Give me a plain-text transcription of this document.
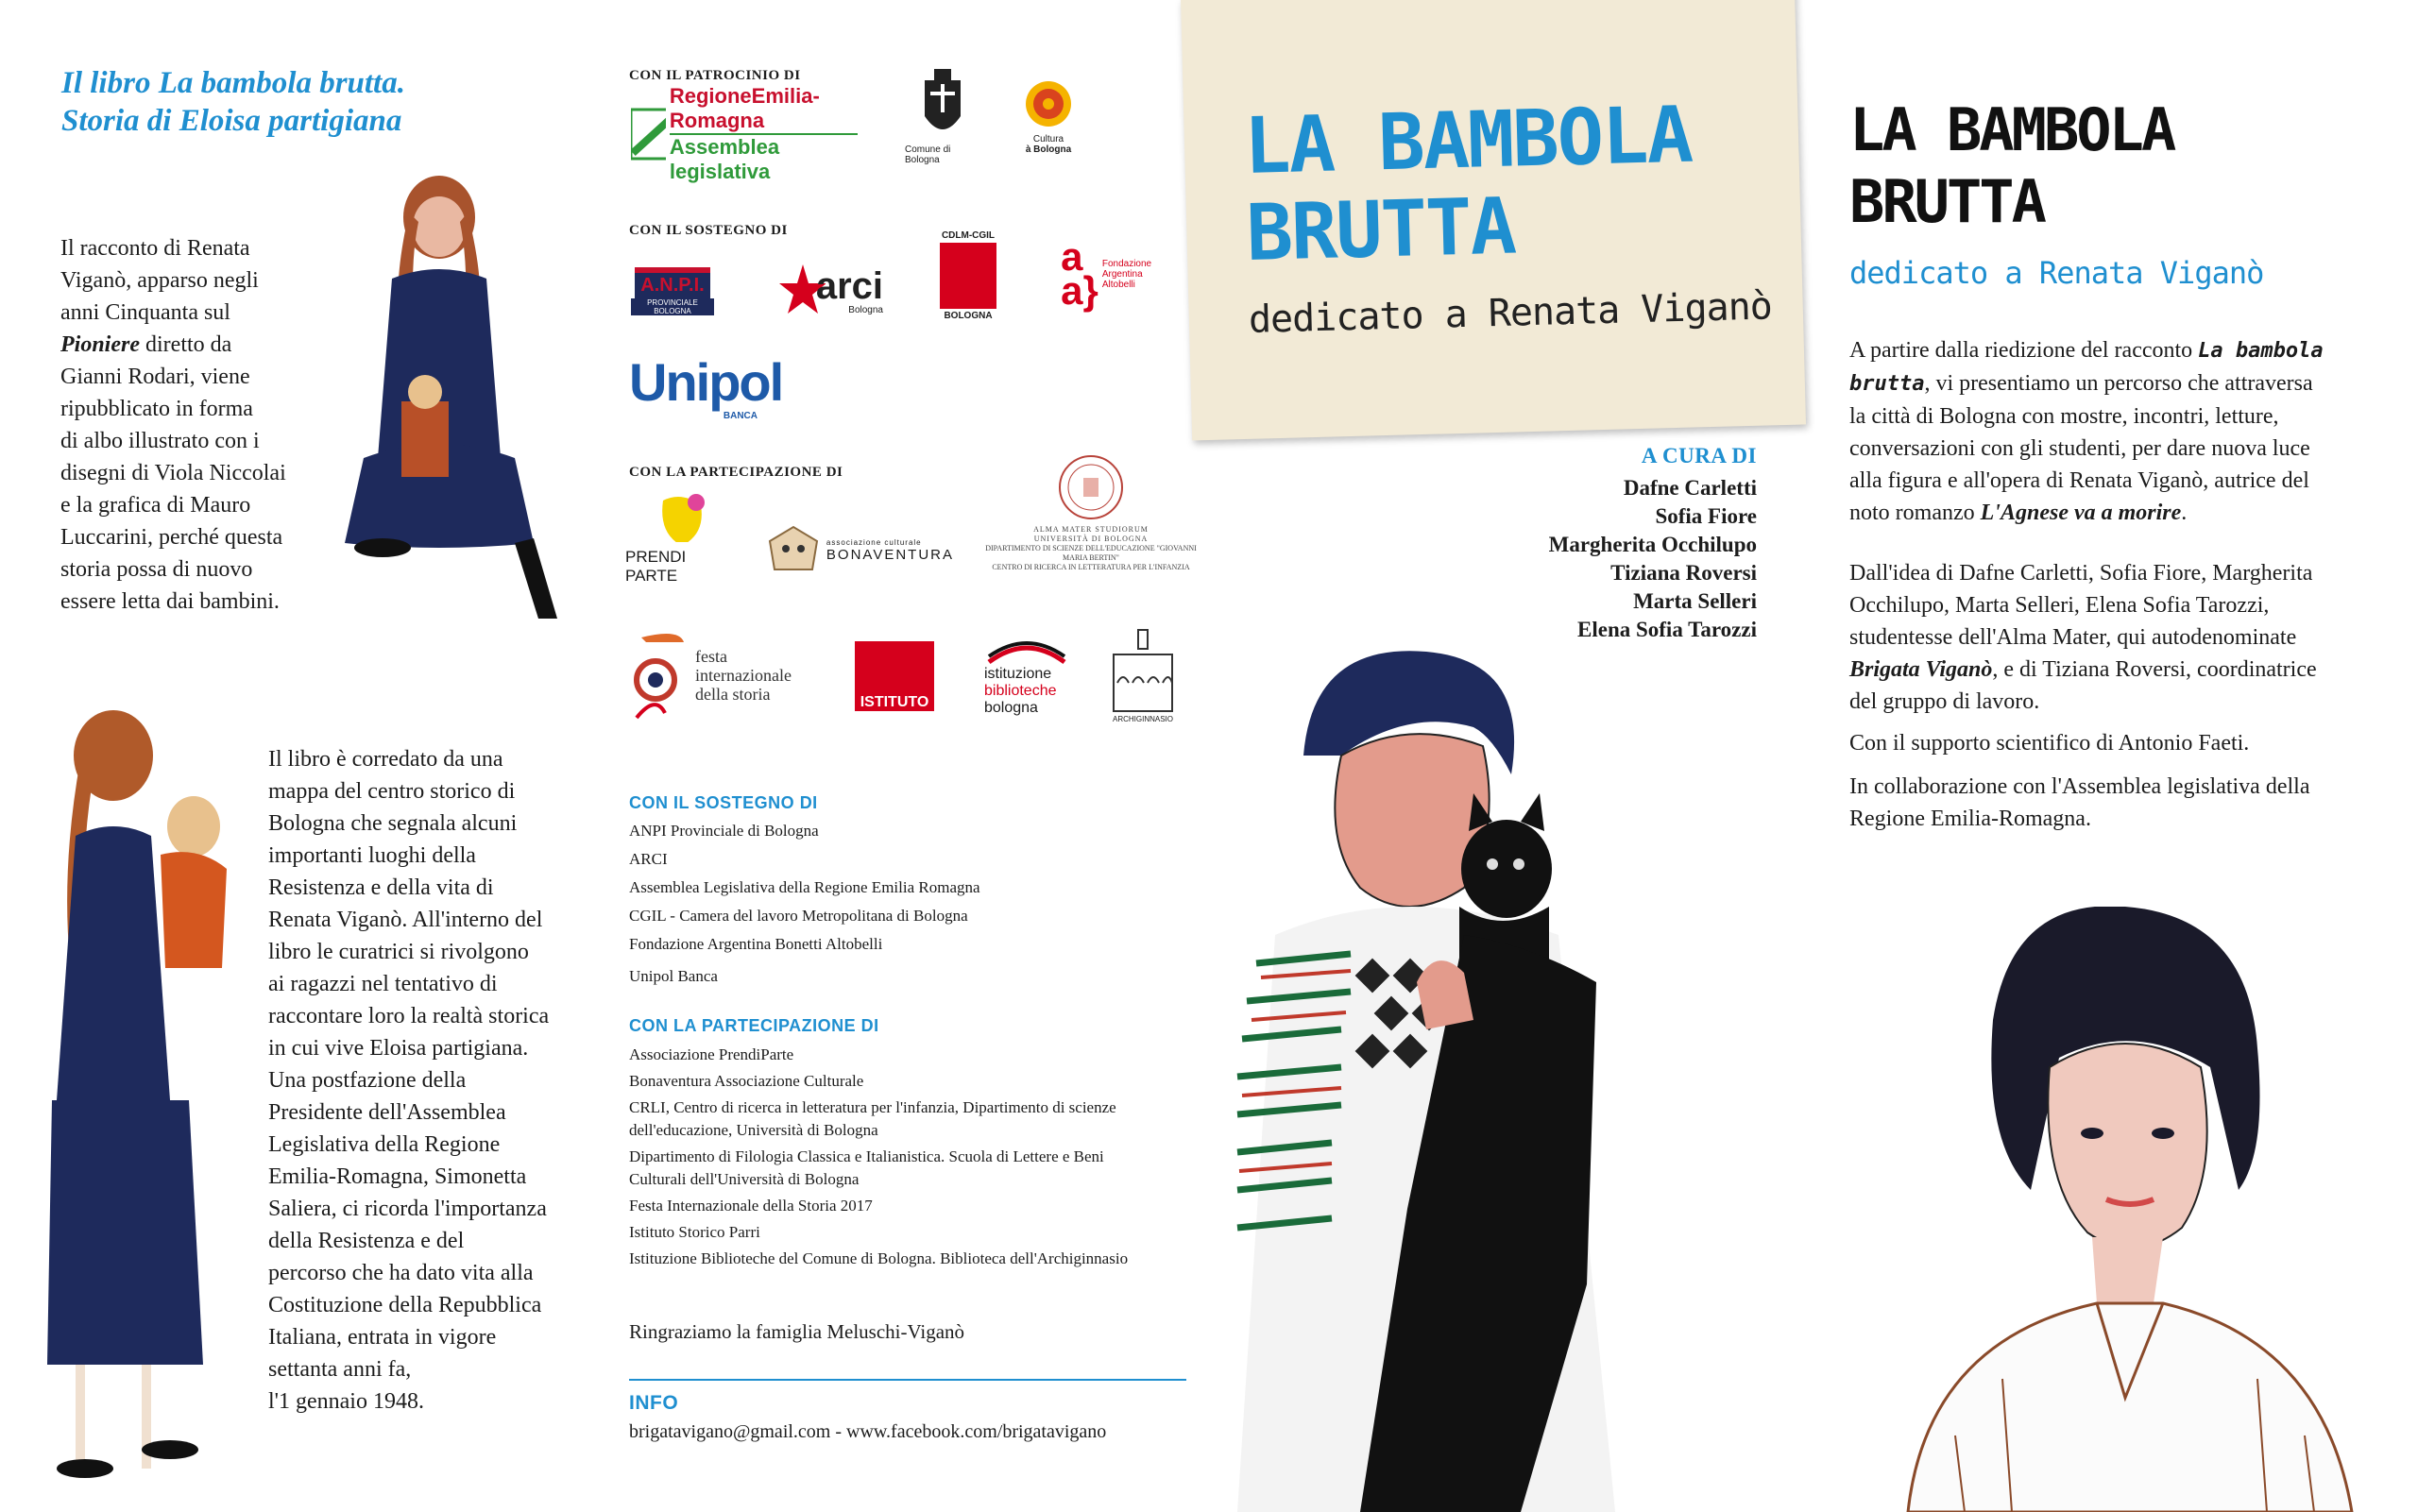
Il libro La bambola brutta.
Storia di Eloisa partigiana
Il racconto di Renata
Viganò, apparso negli
anni Cinquanta sul
Pioniere diretto da
Gianni Rodari, viene
ripubblicato in forma
di albo illustrato con i
disegni di Viola Niccolai
e la grafica di Mauro
Luccarini, perché questa
storia possa di nuovo
essere letta dai bambini.
Il libro è corredato da una
mappa del centro storico di
Bologna che segnala alcuni
importanti luoghi della
Resistenza e della vita di
Renata Viganò. All'interno del
libro le curatrici si rivolgono
ai ragazzi nel tentativo di
raccontare loro la realtà storica
in cui vive Eloisa partigiana.
Una postfazione della
Presidente dell'Assemblea
Legislativa della Regione
Emilia-Romagna, Simonetta
Saliera, ci ricorda l'importanza
della Resistenza e del
percorso che ha dato vita alla
Costituzione della Repubblica
Italiana, entrata in vigore
settanta anni fa,
l'1 gennaio 1948.
CON IL PATROCINIO DI
RegioneEmilia-Romagna
Assemblea legislativa
Comune di Bologna
Cultura
à Bologna
CON IL SOSTEGNO DI
A.N.P.I.
PROVINCIALE BOLOGNA
arci
Bologna
CDLM-CGIL
BOLOGNA
a
a}
Fondazione Argentina Altobelli
Unipol
BANCA
CON LA PARTECIPAZIONE DI
PRENDI PARTE
associazione culturale
BONAVENTURA
ALMA MATER STUDIORUM
UNIVERSITÀ DI BOLOGNA
DIPARTIMENTO DI SCIENZE DELL'EDUCAZIONE "GIOVANNI MARIA BERTIN"
CENTRO DI RICERCA IN LETTERATURA PER L'INFANZIA
festa
internazionale
della storia	ISTITUTO
istituzione
biblioteche
bologna
ARCHIGINNASIO
CON IL SOSTEGNO DI
ANPI Provinciale di Bologna
ARCI
Assemblea Legislativa della Regione Emilia Romagna
CGIL - Camera del lavoro Metropolitana di Bologna
Fondazione Argentina Bonetti Altobelli
Unipol Banca
CON LA PARTECIPAZIONE DI
Associazione PrendiParte
Bonaventura Associazione Culturale
CRLI, Centro di ricerca in letteratura per l'infanzia, Dipartimento di scienze
dell'educazione, Università di Bologna
Dipartimento di Filologia Classica e Italianistica. Scuola di Lettere e Beni
Culturali dell'Università di Bologna
Festa Internazionale della Storia 2017
Istituto Storico Parri
Istituzione Biblioteche del Comune di Bologna. Biblioteca dell'Archiginnasio
Ringraziamo la famiglia Meluschi-Viganò
INFO
brigatavigano@gmail.com - www.facebook.com/brigatavigano
LA BAMBOLA
BRUTTA
dedicato a Renata Viganò
A CURA DI
Dafne Carletti
Sofia Fiore
Margherita Occhilupo
Tiziana Roversi
Marta Selleri
Elena Sofia Tarozzi
LA BAMBOLA
BRUTTA
dedicato a Renata Viganò
A partire dalla riedizione del racconto La bambola
brutta, vi presentiamo un percorso che attraversa
la città di Bologna con mostre, incontri, letture,
conversazioni con gli studenti, per dare nuova luce
alla figura e all'opera di Renata Viganò, autrice del
noto romanzo L'Agnese va a morire.
Dall'idea di Dafne Carletti, Sofia Fiore, Margherita
Occhilupo, Marta Selleri, Elena Sofia Tarozzi,
studentesse dell'Alma Mater, qui autodenominate
Brigata Viganò, e di Tiziana Roversi, coordinatrice
del gruppo di lavoro.
Con il supporto scientifico di Antonio Faeti.
In collaborazione con l'Assemblea legislativa della
Regione Emilia-Romagna.
